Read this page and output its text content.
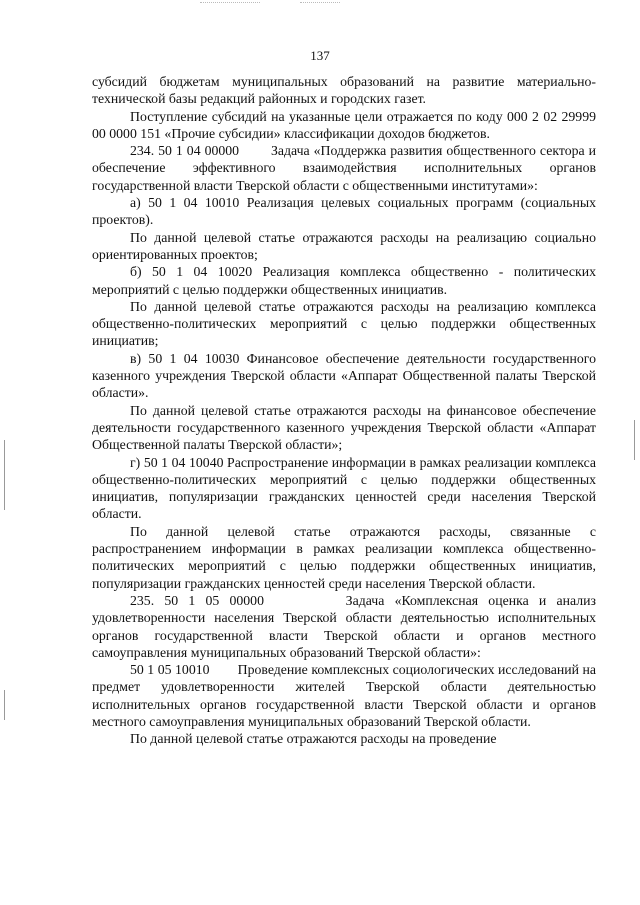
137

субсидий бюджетам муниципальных образований на развитие материально-технической базы редакций районных и городских газет.

Поступление субсидий на указанные цели отражается по коду 000 2 02 29999 00 0000 151 «Прочие субсидии» классификации доходов бюджетов.

234. 50 1 04 00000        Задача «Поддержка развития общественного сектора и обеспечение эффективного взаимодействия исполнительных органов государственной власти Тверской области с общественными институтами»:

а) 50 1 04 10010 Реализация целевых социальных программ (социальных проектов).

По данной целевой статье отражаются расходы на реализацию социально ориентированных проектов;

б) 50 1 04 10020 Реализация комплекса общественно - политических мероприятий с целью поддержки общественных инициатив.

По данной целевой статье отражаются расходы на реализацию комплекса общественно-политических мероприятий с целью поддержки общественных инициатив;

в) 50 1 04 10030 Финансовое обеспечение деятельности государственного казенного учреждения Тверской области «Аппарат Общественной палаты Тверской области».

По данной целевой статье отражаются расходы на финансовое обеспечение деятельности государственного казенного учреждения Тверской области «Аппарат Общественной палаты Тверской области»;

г) 50 1 04 10040 Распространение информации в рамках реализации комплекса общественно-политических мероприятий с целью поддержки общественных инициатив, популяризации гражданских ценностей среди населения Тверской области.

По данной целевой статье отражаются расходы, связанные с распространением информации в рамках реализации комплекса общественно-политических мероприятий с целью поддержки общественных инициатив, популяризации гражданских ценностей среди населения Тверской области.

235. 50 1 05 00000        Задача «Комплексная оценка и анализ удовлетворенности населения Тверской области деятельностью исполнительных органов государственной власти Тверской области и органов местного самоуправления муниципальных образований Тверской области»:

50 1 05 10010        Проведение комплексных социологических исследований на предмет удовлетворенности жителей Тверской области деятельностью исполнительных органов государственной власти Тверской области и органов местного самоуправления муниципальных образований Тверской области.

По данной целевой статье отражаются расходы на проведение
